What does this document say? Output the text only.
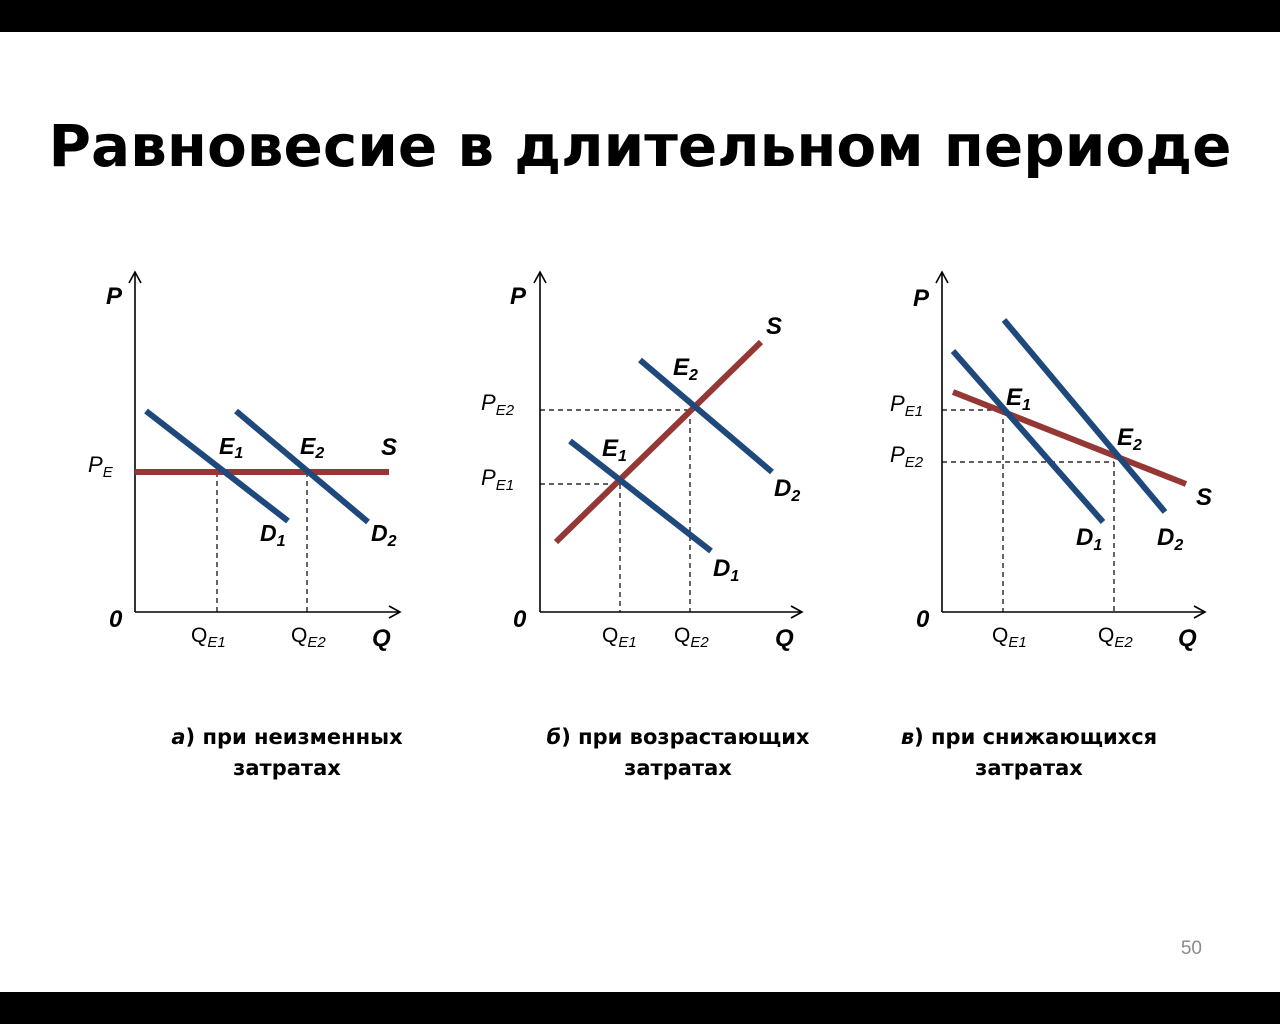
Равновесие в длительном периоде
P
Q
0
$P_E$
$Q_{E1}$	$Q_{E2}$
S
E1 E2
$D_1$	$D_2$
P
Q
0
$P_{E2}$
$P_{E1}$
$Q_{E1}$ $Q_{E2}$
S
$E_2$
$E_1$
$D_2$
$D_1$
P
Q
0
$P_{E1}$
$P_{E2}$
$Q_{E1}$	$Q_{E2}$
S
$E_1$
$E_2$
$D_1$ $D_2$
а) при неизменных
затратах
б) при возрастающих
затратах
в) при снижающихся
затратах
50
